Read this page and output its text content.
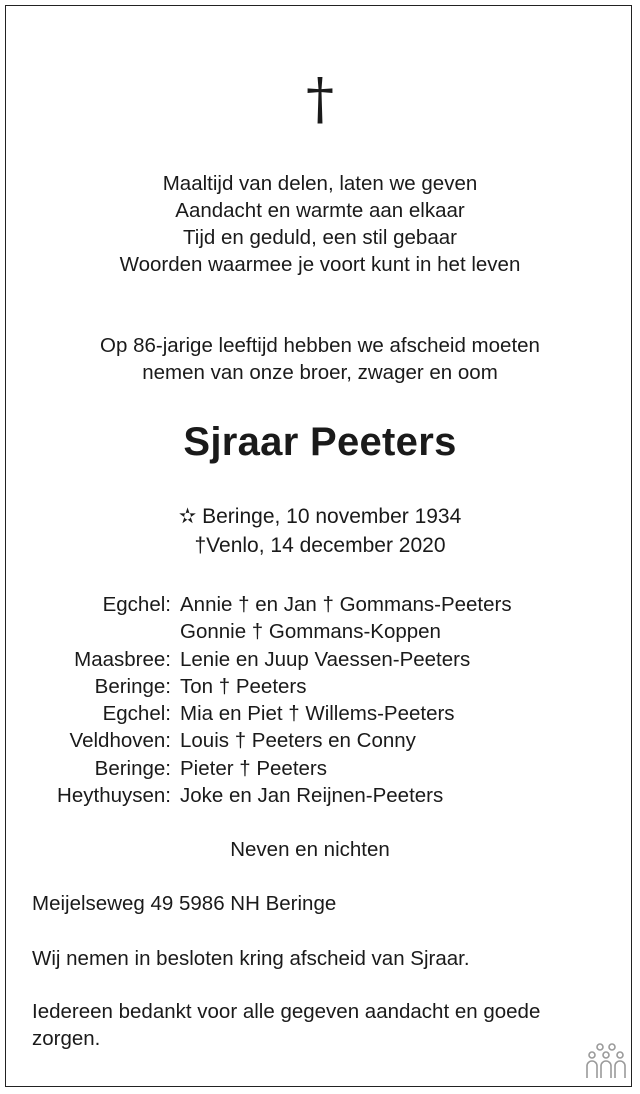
†
Maaltijd van delen, laten we geven
Aandacht en warmte aan elkaar
Tijd en geduld, een stil gebaar
Woorden waarmee je voort kunt in het leven
Op 86-jarige leeftijd hebben we afscheid moeten
nemen van onze broer, zwager en oom
Sjraar Peeters
✫ Beringe, 10 november 1934
†Venlo, 14 december 2020
Egchel: Annie † en Jan † Gommans-Peeters
Gonnie † Gommans-Koppen
Maasbree: Lenie en Juup Vaessen-Peeters
Beringe: Ton † Peeters
Egchel: Mia en Piet † Willems-Peeters
Veldhoven: Louis † Peeters en Conny
Beringe: Pieter † Peeters
Heythuysen: Joke en Jan Reijnen-Peeters
Neven en nichten
Meijelseweg 49 5986 NH Beringe
Wij nemen in besloten kring afscheid van Sjraar.
Iedereen bedankt voor alle gegeven aandacht en goede zorgen.
